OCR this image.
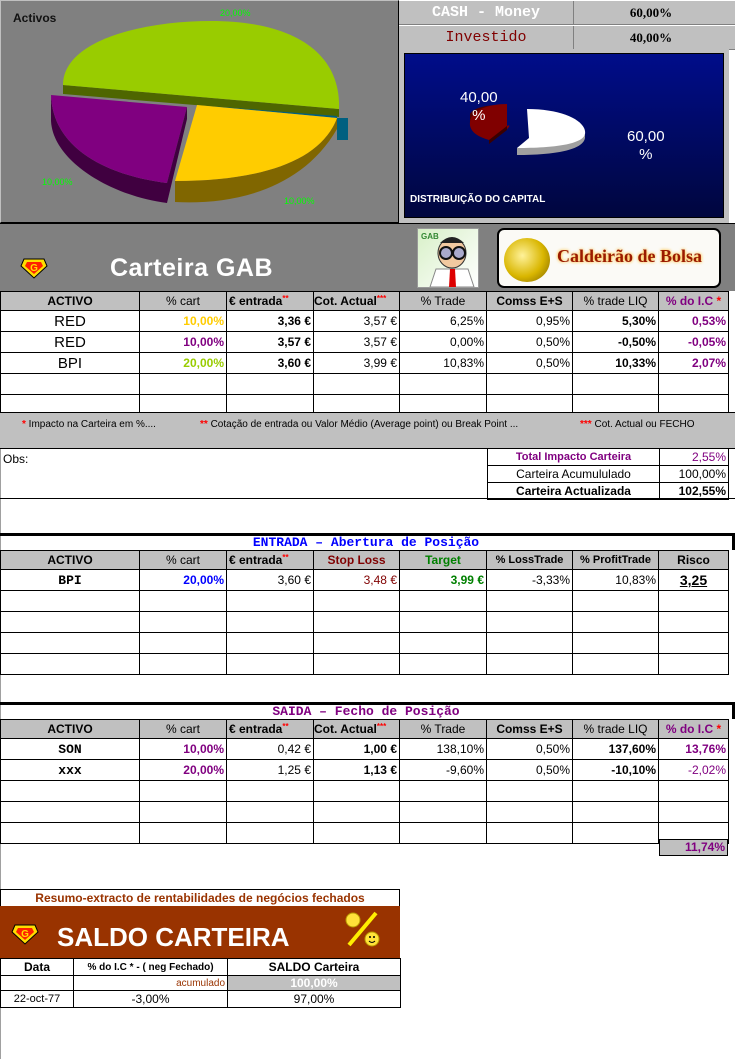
Activos	20,00%
10,00%
10,00%
CASH - Money	60,00%
Investido	40,00%
40,00
%
60,00
%
DISTRIBUIÇÃO DO CAPITAL
G	Carteira GAB
GAB
Caldeirão de Bolsa
ACTIVO	% cart	€ entrada**	Cot. Actual***	% Trade	Comss E+S	% trade LIQ	% do I.C *
RED	10,00%	3,36 €	3,57 €	6,25%	0,95%	5,30%	0,53%
RED	10,00%	3,57 €	3,57 €	0,00%	0,50%	-0,50%	-0,05%
BPI	20,00%	3,60 €	3,99 €	10,83%	0,50%	10,33%	2,07%

* Impacto na Carteira em %....	** Cotação de entrada ou Valor Médio (Average point) ou Break Point ...	*** Cot. Actual ou FECHO
Obs:	Total Impacto Carteira	2,55%
Carteira Acumululado	100,00%
Carteira Actualizada	102,55%
ENTRADA – Abertura de Posição
ACTIVO	% cart	€ entrada**	Stop Loss	Target	% LossTrade	% ProfitTrade	Risco
BPI	20,00%	3,60 €	3,48 €	3,99 €	-3,33%	10,83%	3,25

SAIDA – Fecho de Posição
ACTIVO	% cart	€ entrada**	Cot. Actual***	% Trade	Comss E+S	% trade LIQ	% do I.C *
SON	10,00%	0,42 €	1,00 €	138,10%	0,50%	137,60%	13,76%
xxx	20,00%	1,25 €	1,13 €	-9,60%	0,50%	-10,10%	-2,02%

11,74%
Resumo-extracto de rentabilidades de negócios fechados
G SALDO CARTEIRA
Data	% do I.C * - ( neg Fechado)	SALDO Carteira
	acumulado	100,00%
22-oct-77	-3,00%	97,00%
